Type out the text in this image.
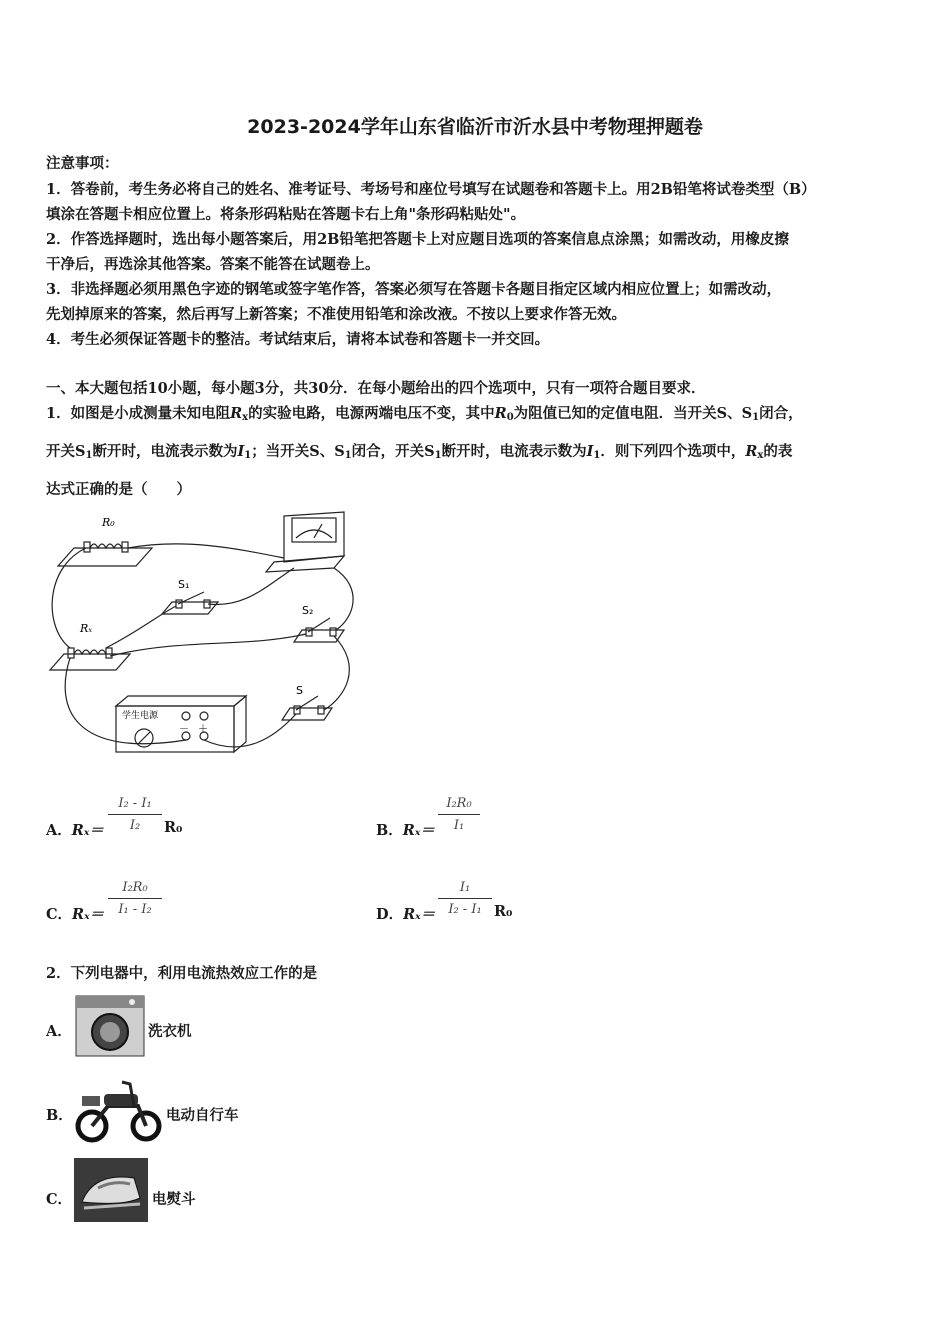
2023-2024学年山东省临沂市沂水县中考物理押题卷
注意事项：
1．答卷前，考生务必将自己的姓名、准考证号、考场号和座位号填写在试题卷和答题卡上。用2B铅笔将试卷类型（B）
填涂在答题卡相应位置上。将条形码粘贴在答题卡右上角"条形码粘贴处"。
2．作答选择题时，选出每小题答案后，用2B铅笔把答题卡上对应题目选项的答案信息点涂黑；如需改动，用橡皮擦
干净后，再选涂其他答案。答案不能答在试题卷上。
3．非选择题必须用黑色字迹的钢笔或签字笔作答，答案必须写在答题卡各题目指定区域内相应位置上；如需改动，
先划掉原来的答案，然后再写上新答案；不准使用铅笔和涂改液。不按以上要求作答无效。
4．考生必须保证答题卡的整洁。考试结束后，请将本试卷和答题卡一并交回。
一、本大题包括10小题，每小题3分，共30分．在每小题给出的四个选项中，只有一项符合题目要求．
1．如图是小成测量未知电阻$R_x$的实验电路，电源两端电压不变，其中$R_0$为阻值已知的定值电阻．当开关S、$S_1$闭合，
开关$S_1$断开时，电流表示数为$I_1$；当开关S、$S_1$闭合，开关$S_1$断开时，电流表示数为$I_1$．则下列四个选项中，$R_x$的表
达式正确的是（　　）
R₀
Rₓ
S₁
S₂
S
学生电源
－ ＋
A．Rₓ＝
I₂ - I₁
I₂	R₀	B．Rₓ＝
I₂R₀
I₁
C．Rₓ＝
I₂R₀
I₁ - I₂	D．Rₓ＝
I₁
I₂ - I₁ R₀
2．下列电器中，利用电流热效应工作的是
A．	洗衣机
B．	电动自行车
C．	电熨斗
